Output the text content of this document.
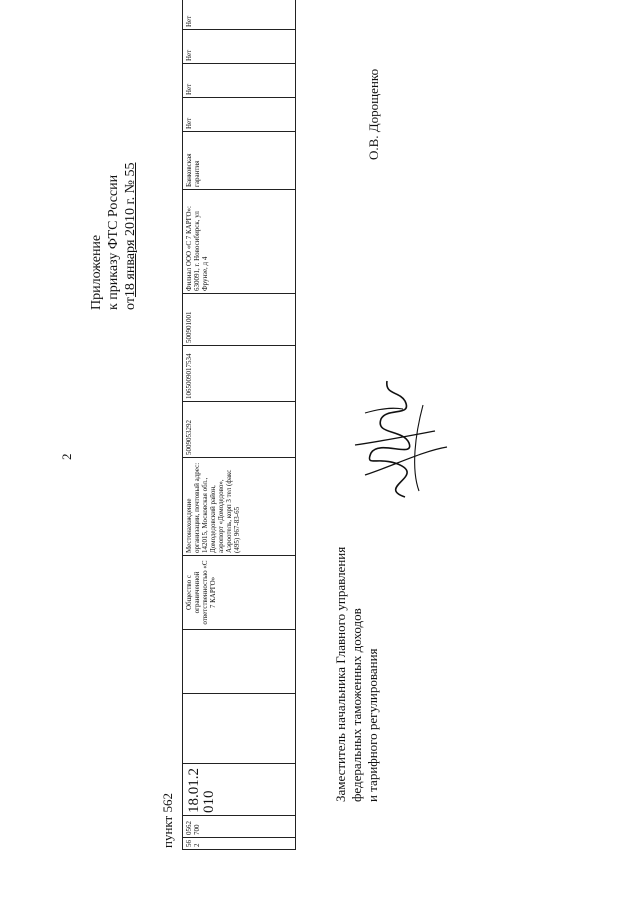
2
Приложение к приказу ФТС России от18 января 2010 г. № 55
пункт 562 562	0562700	18.01.2010			Общество с ограниченной ответственностью «С 7 КАРГО»	Местонахождение организации, почтовый адрес: 142015, Московская обл., Домодедовский район, аэропорт «Домодедово», Аэроотель, корп 3 тел (факс (495) 967-83-65	5009053292	1065009017534	500901001	Филиал ООО «С 7 КАРГО»: 630091, г. Новосибирск, ул Фрунзе, д 4	Банковская гарантия	Нет	Нет	Нет	Нет
Заместитель начальника Главного управления федеральных таможенных доходов и тарифного регулирования
О.В. Дорощенко
